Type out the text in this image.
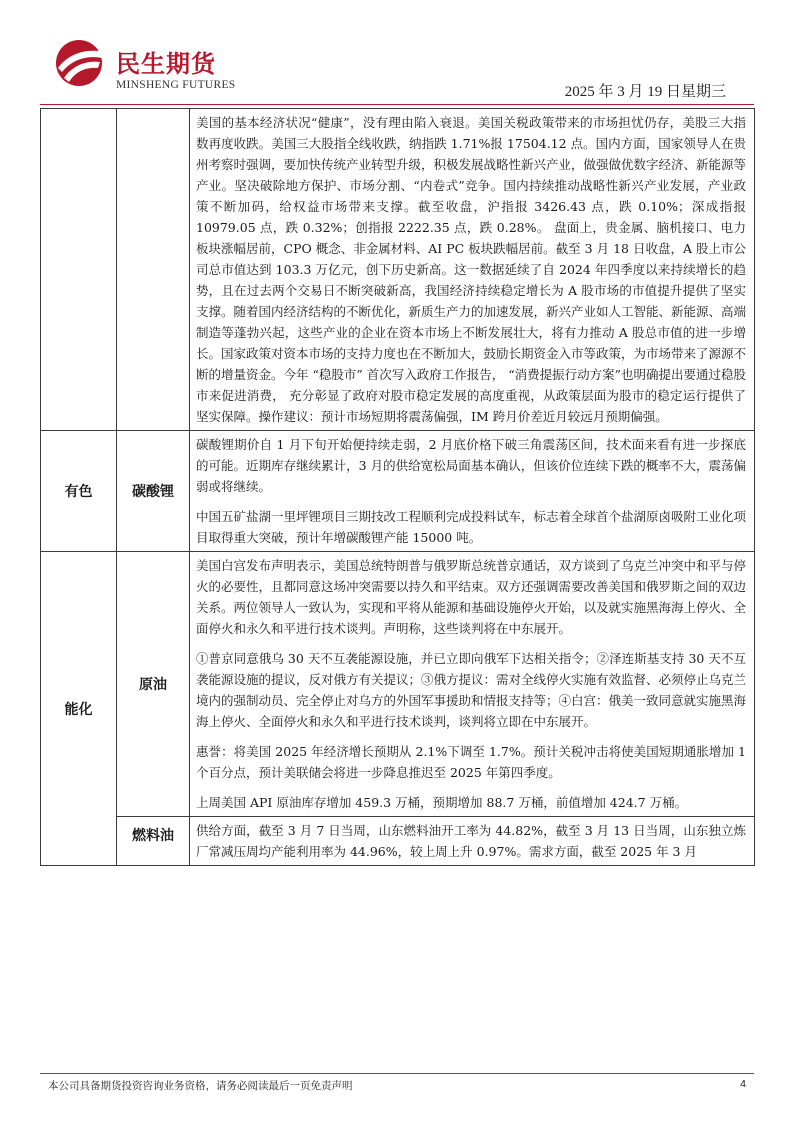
民生期货
MINSHENG FUTURES	2025 年 3 月 19 日星期三

		美国的基本经济状况“健康”，没有理由陷入衰退。美国关税政策带来的市场担忧仍存，美股三大指数再度收跌。美国三大股指全线收跌，纳指跌 1.71%报 17504.12 点。国内方面，国家领导人在贵州考察时强调，要加快传统产业转型升级，积极发展战略性新兴产业，做强做优数字经济、新能源等产业。坚决破除地方保护、市场分割、“内卷式”竞争。国内持续推动战略性新兴产业发展，产业政策不断加码，给权益市场带来支撑。截至收盘，沪指报 3426.43 点，跌 0.10%；深成指报 10979.05 点，跌 0.32%；创指报 2222.35 点，跌 0.28%。 盘面上，贵金属、脑机接口、电力板块涨幅居前，CPO 概念、非金属材料、AI PC 板块跌幅居前。截至 3 月 18 日收盘，A 股上市公司总市值达到 103.3 万亿元，创下历史新高。这一数据延续了自 2024 年四季度以来持续增长的趋势，且在过去两个交易日不断突破新高，我国经济持续稳定增长为 A 股市场的市值提升提供了坚实支撑。随着国内经济结构的不断优化，新质生产力的加速发展，新兴产业如人工智能、新能源、高端制造等蓬勃兴起，这些产业的企业在资本市场上不断发展壮大，将有力推动 A 股总市值的进一步增长。国家政策对资本市场的支持力度也在不断加大，鼓励长期资金入市等政策，为市场带来了源源不断的增量资金。今年 “稳股市” 首次写入政府工作报告， “消费提振行动方案”也明确提出要通过稳股市来促进消费， 充分彰显了政府对股市稳定发展的高度重视，从政策层面为股市的稳定运行提供了坚实保障。操作建议：预计市场短期将震荡偏强，IM 跨月价差近月较远月预期偏强。

有色	碳酸锂	碳酸锂期价自 1 月下旬开始便持续走弱，2 月底价格下破三角震荡区间，技术面来看有进一步探底的可能。近期库存继续累计，3 月的供给宽松局面基本确认，但该价位连续下跌的概率不大，震荡偏弱或将继续。

中国五矿盐湖一里坪锂项目三期技改工程顺利完成投料试车，标志着全球首个盐湖原卤吸附工业化项目取得重大突破，预计年增碳酸锂产能 15000 吨。

能化	原油	美国白宫发布声明表示，美国总统特朗普与俄罗斯总统普京通话，双方谈到了乌克兰冲突中和平与停火的必要性，且都同意这场冲突需要以持久和平结束。双方还强调需要改善美国和俄罗斯之间的双边关系。两位领导人一致认为，实现和平将从能源和基础设施停火开始，以及就实施黑海海上停火、全面停火和永久和平进行技术谈判。声明称，这些谈判将在中东展开。

①普京同意俄乌 30 天不互袭能源设施，并已立即向俄军下达相关指令；②泽连斯基支持 30 天不互袭能源设施的提议，反对俄方有关提议；③俄方提议：需对全线停火实施有效监督、必须停止乌克兰境内的强制动员、完全停止对乌方的外国军事援助和情报支持等；④白宫：俄美一致同意就实施黑海海上停火、全面停火和永久和平进行技术谈判，谈判将立即在中东展开。

惠誉：将美国 2025 年经济增长预期从 2.1%下调至 1.7%。预计关税冲击将使美国短期通胀增加 1 个百分点，预计美联储会将进一步降息推迟至 2025 年第四季度。

上周美国 API 原油库存增加 459.3 万桶，预期增加 88.7 万桶，前值增加 424.7 万桶。

	燃料油	供给方面，截至 3 月 7 日当周，山东燃料油开工率为 44.82%，截至 3 月 13 日当周，山东独立炼厂常减压周均产能利用率为 44.96%，较上周上升 0.97%。需求方面，截至 2025 年 3 月

本公司具备期货投资咨询业务资格，请务必阅读最后一页免责声明	4
